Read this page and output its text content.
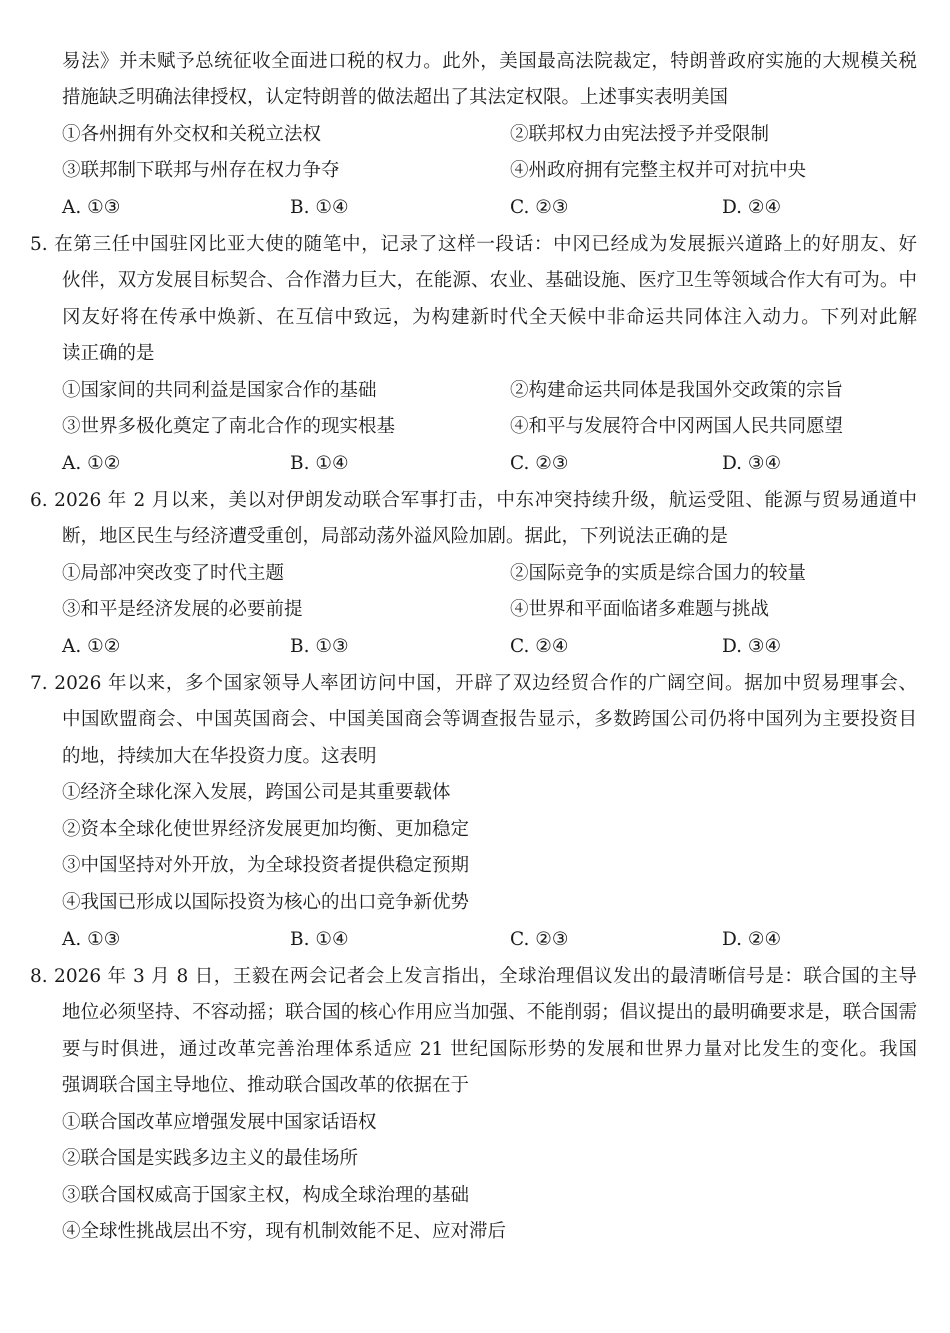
易法》并未赋予总统征收全面进口税的权力。此外，美国最高法院裁定，特朗普政府实施的大规模关税
措施缺乏明确法律授权，认定特朗普的做法超出了其法定权限。上述事实表明美国
①各州拥有外交权和关税立法权	②联邦权力由宪法授予并受限制
③联邦制下联邦与州存在权力争夺	④州政府拥有完整主权并可对抗中央
A. ①③	B. ①④	C. ②③	D. ②④
5. 在第三任中国驻冈比亚大使的随笔中，记录了这样一段话：中冈已经成为发展振兴道路上的好朋友、好
伙伴，双方发展目标契合、合作潜力巨大，在能源、农业、基础设施、医疗卫生等领域合作大有可为。中
冈友好将在传承中焕新、在互信中致远，为构建新时代全天候中非命运共同体注入动力。下列对此解
读正确的是
①国家间的共同利益是国家合作的基础	②构建命运共同体是我国外交政策的宗旨
③世界多极化奠定了南北合作的现实根基	④和平与发展符合中冈两国人民共同愿望
A. ①②	B. ①④	C. ②③	D. ③④
6. 2026 年 2 月以来，美以对伊朗发动联合军事打击，中东冲突持续升级，航运受阻、能源与贸易通道中
断，地区民生与经济遭受重创，局部动荡外溢风险加剧。据此，下列说法正确的是
①局部冲突改变了时代主题	②国际竞争的实质是综合国力的较量
③和平是经济发展的必要前提	④世界和平面临诸多难题与挑战
A. ①②	B. ①③	C. ②④	D. ③④
7. 2026 年以来，多个国家领导人率团访问中国，开辟了双边经贸合作的广阔空间。据加中贸易理事会、
中国欧盟商会、中国英国商会、中国美国商会等调查报告显示，多数跨国公司仍将中国列为主要投资目
的地，持续加大在华投资力度。这表明
①经济全球化深入发展，跨国公司是其重要载体
②资本全球化使世界经济发展更加均衡、更加稳定
③中国坚持对外开放，为全球投资者提供稳定预期
④我国已形成以国际投资为核心的出口竞争新优势
A. ①③	B. ①④	C. ②③	D. ②④
8. 2026 年 3 月 8 日，王毅在两会记者会上发言指出，全球治理倡议发出的最清晰信号是：联合国的主导
地位必须坚持、不容动摇；联合国的核心作用应当加强、不能削弱；倡议提出的最明确要求是，联合国需
要与时俱进，通过改革完善治理体系适应 21 世纪国际形势的发展和世界力量对比发生的变化。我国
强调联合国主导地位、推动联合国改革的依据在于
①联合国改革应增强发展中国家话语权
②联合国是实践多边主义的最佳场所
③联合国权威高于国家主权，构成全球治理的基础
④全球性挑战层出不穷，现有机制效能不足、应对滞后
